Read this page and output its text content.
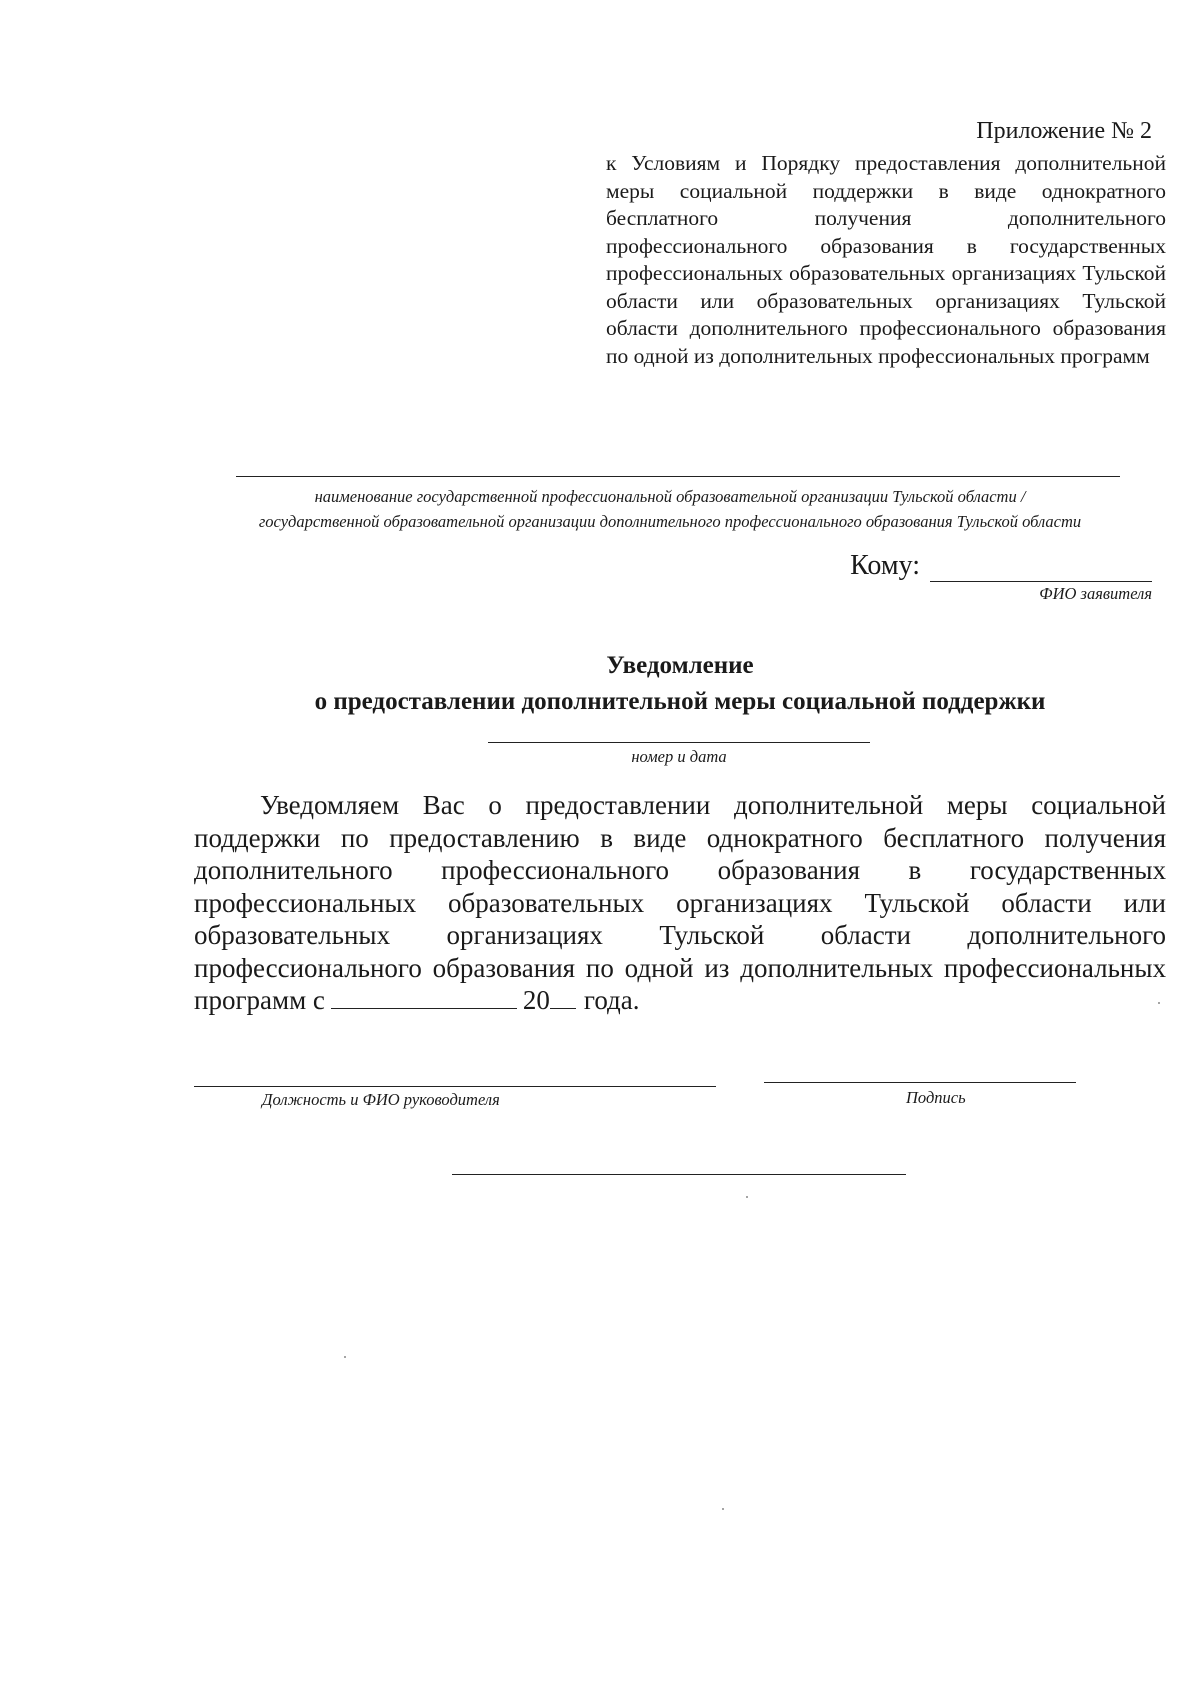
Приложение № 2
к Условиям и Порядку предоставления дополнительной меры социальной поддержки в виде однократного бесплатного получения дополнительного профессионального образования в государственных профессиональных образовательных организациях Тульской области или образовательных организациях Тульской области дополнительного профессионального образования по одной из дополнительных профессиональных программ
наименование государственной профессиональной образовательной организации Тульской области /
государственной образовательной организации дополнительного профессионального образования Тульской области
Кому:
ФИО заявителя
Уведомление
о предоставлении дополнительной меры социальной поддержки
номер и дата
Уведомляем Вас о предоставлении дополнительной меры социальной поддержки по предоставлению в виде однократного бесплатного получения дополнительного профессионального образования в государственных профессиональных образовательных организациях Тульской области или образовательных организациях Тульской области дополнительного профессионального образования по одной из дополнительных профессиональных программ с	20 года.
Должность и ФИО руководителя	Подпись
